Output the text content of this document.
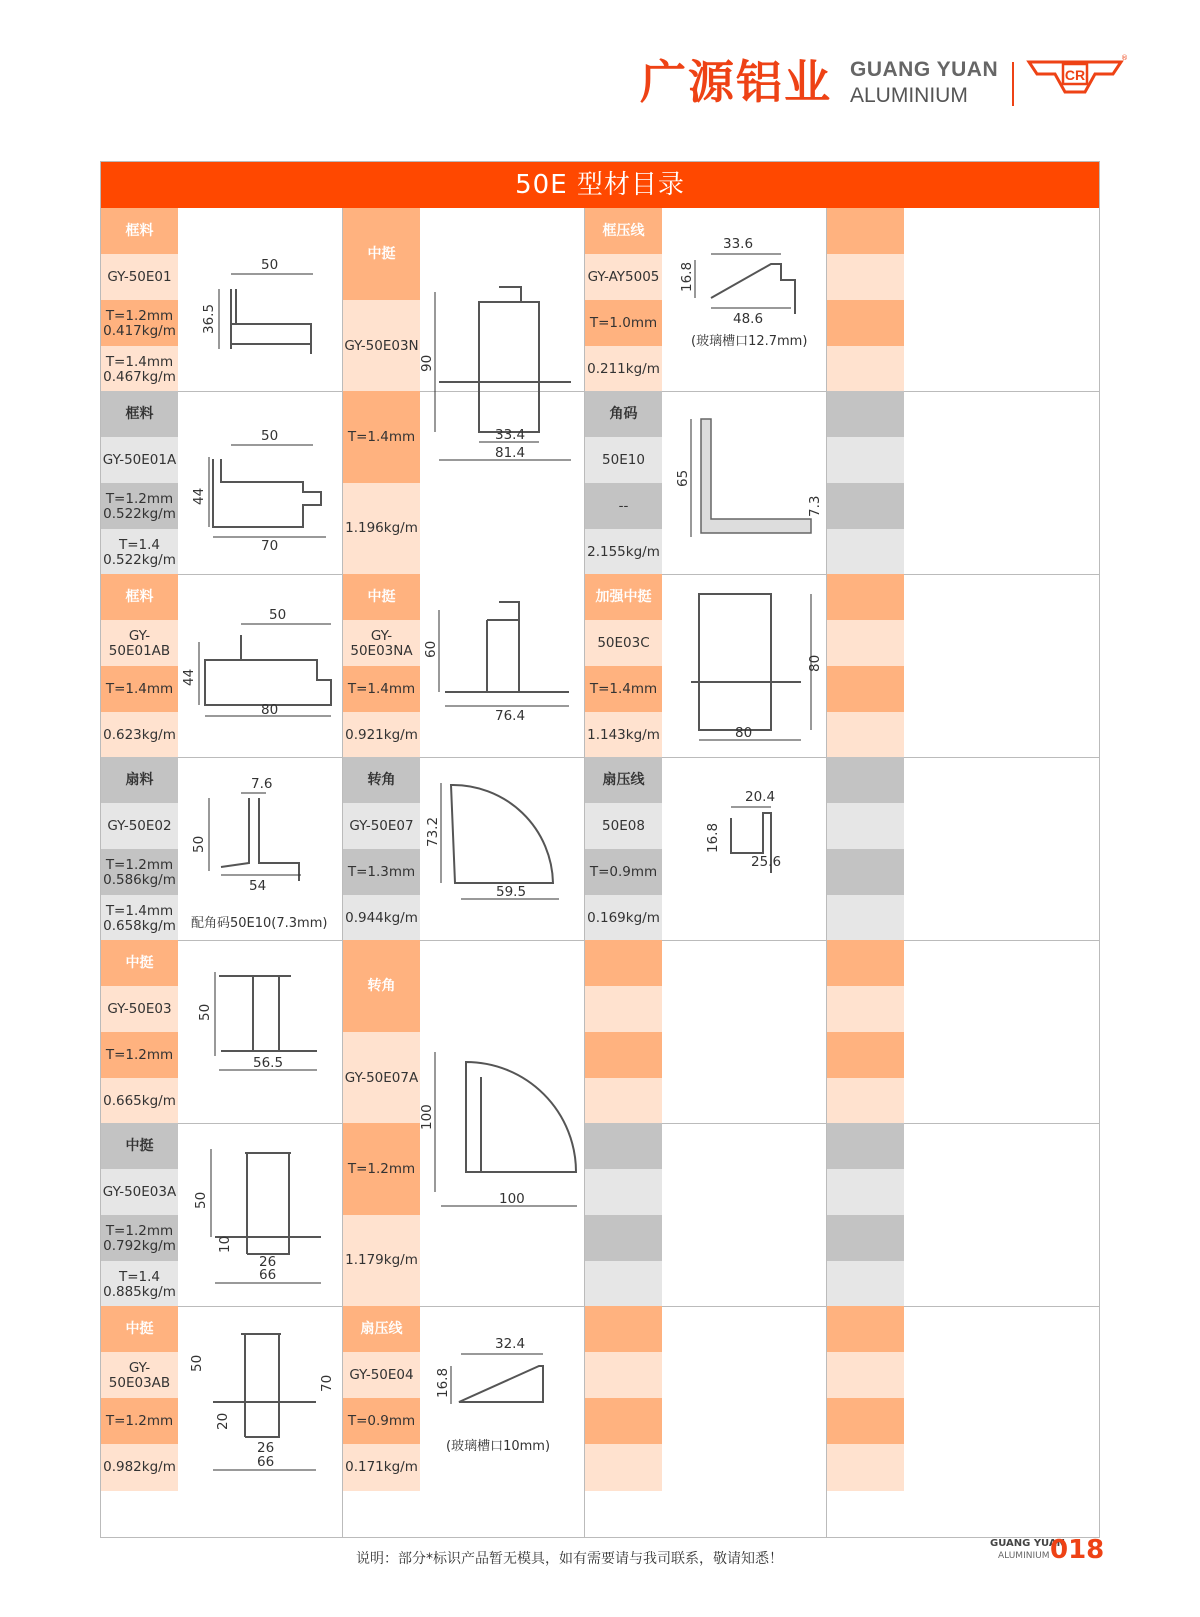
广源铝业 GUANG YUAN
ALUMINIUM
CR
®
50E 型材目录
框料
GY-50E01
T=1.2mm
0.417kg/m
T=1.4mm
0.467kg/m
框料
GY-50E01A
T=1.2mm
0.522kg/m
T=1.4
0.522kg/m
框料
GY-50E01AB
T=1.4mm
0.623kg/m
扇料
GY-50E02
T=1.2mm
0.586kg/m
T=1.4mm
0.658kg/m
中挺
GY-50E03
T=1.2mm
0.665kg/m
中挺
GY-50E03A
T=1.2mm
0.792kg/m
T=1.4
0.885kg/m
中挺
GY-50E03AB
T=1.2mm
0.982kg/m
50
36.5
50
44
70
50
44
80
7.6
50
54
配角码50E10(7.3mm)
50
56.5
50
10
26
66
50
70
20
26
66
中挺
GY-50E03N
T=1.4mm
1.196kg/m
中挺
GY-50E03NA
T=1.4mm
0.921kg/m
转角
GY-50E07
T=1.3mm
0.944kg/m
转角
GY-50E07A
T=1.2mm
1.179kg/m
扇压线
GY-50E04
T=0.9mm
0.171kg/m
90
33.4
81.4
60
76.4
73.2
59.5
100
100
32.4
16.8
(玻璃槽口10mm)
框压线
GY-AY5005
T=1.0mm
0.211kg/m
角码
50E10
--
2.155kg/m
加强中挺
50E03C
T=1.4mm
1.143kg/m
扇压线
50E08
T=0.9mm
0.169kg/m
33.6
16.8
48.6
(玻璃槽口12.7mm)
65
7.3
80
80
20.4
16.8
25.6
说明：部分*标识产品暂无模具，如有需要请与我司联系，敬请知悉！
GUANG YUAN
ALUMINIUM 018
